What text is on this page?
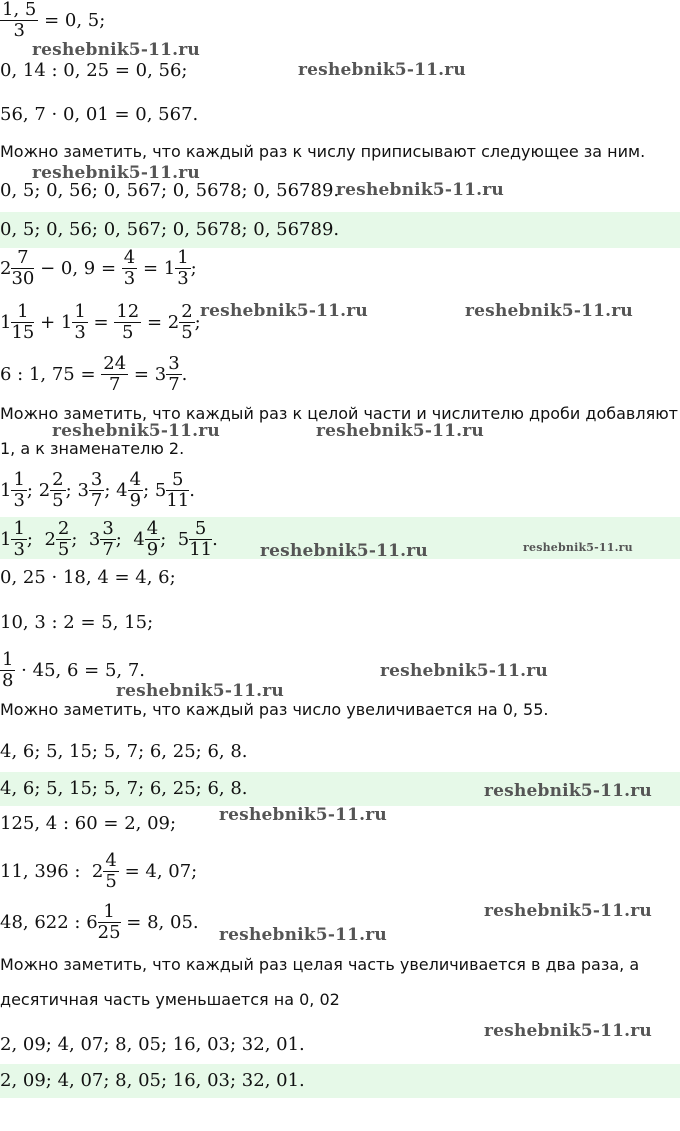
$\frac{1, 5}{3} = 0$, 5;
0, 14 : 0, 25 = 0, 56;
56, 7 · 0, 01 = 0, 567.
Можно заметить, что каждый раз к числу приписывают следующее за ним.
0, 5; 0, 56; 0, 567; 0, 5678; 0, 56789.
0, 5; 0, 56; 0, 567; 0, 5678; 0, 56789.
$2 \frac{7}{30} - 0$, $9 = \frac{4}{3} = 1 \frac{1}{3}$ ;
$1 \frac{1}{15} + 1 \frac{1}{3} = \frac{12}{5} = 2 \frac{2}{5}$ ;
6 : 1, $75 = \frac{24}{7} = 3 \frac{3}{7}$ .
Можно заметить, что каждый раз к целой части и числителю дроби добавляют
1, а к знаменателю 2.
$1 \frac{1}{3}$ ;
$2 \frac{2}{5}$ ;
$3 \frac{3}{7}$ ;
$4 \frac{4}{9}$ ;
$5 \frac{5}{11}$ .
$1 \frac{1}{3}$ ;
$2 \frac{2}{5}$ ;
$3 \frac{3}{7}$ ;
$4 \frac{4}{9}$ ;
$5 \frac{5}{11}$ .
0, 25 · 18, 4 = 4, 6;
10, 3 : 2 = 5, 15;
$\frac{1}{8} \cdot 45$, 6 = 5, 7.
Можно заметить, что каждый раз число увеличивается на 0, 55.
4, 6; 5, 15; 5, 7; 6, 25; 6, 8.
4, 6; 5, 15; 5, 7; 6, 25; 6, 8.
125, 4 : 60 = 2, 09;
11, 396 :  $2 \frac{4}{5} = 4$, 07;
48, 622 : $6 \frac{1}{25} = 8$, 05.
Можно заметить, что каждый раз целая часть увеличивается в два раза, а
десятичная часть уменьшается на 0, 02
2, 09; 4, 07; 8, 05; 16, 03; 32, 01.
2, 09; 4, 07; 8, 05; 16, 03; 32, 01.
reshebnik5-11.ru
reshebnik5-11.ru
reshebnik5-11.ru
reshebnik5-11.ru
reshebnik5-11.ru	reshebnik5-11.ru
reshebnik5-11.ru	reshebnik5-11.ru
reshebnik5-11.ru	reshebnik5-11.ru
reshebnik5-11.ru
reshebnik5-11.ru
reshebnik5-11.ru
reshebnik5-11.ru
reshebnik5-11.ru
reshebnik5-11.ru
reshebnik5-11.ru
